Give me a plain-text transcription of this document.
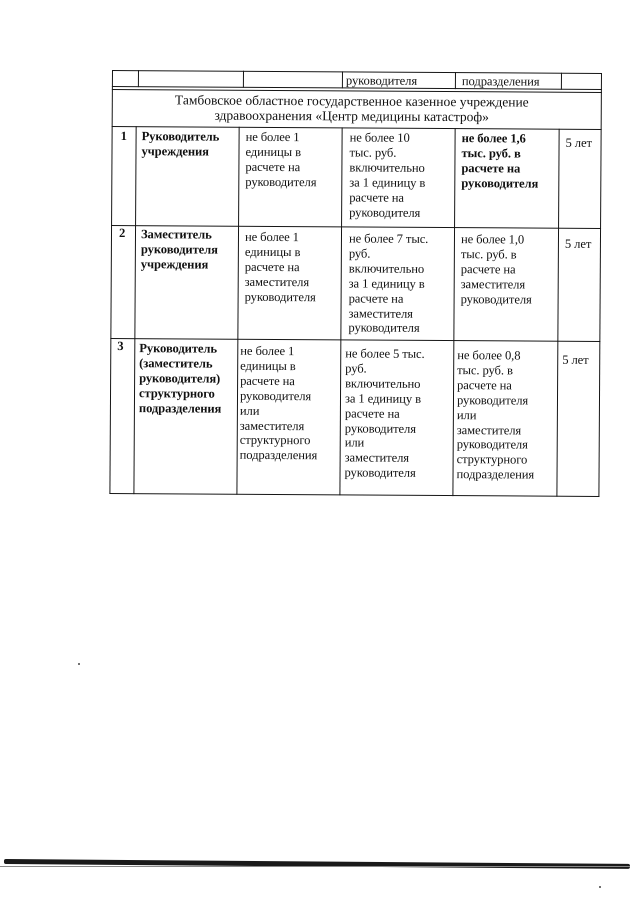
руководителя	подразделения
Тамбовское областное государственное казенное учреждение
здравоохранения «Центр медицины катастроф»
1 Руководитель
учреждения
не более 1
единицы в
расчете на
руководителя
не более 10
тыс. руб.
включительно
за 1 единицу в
расчете на
руководителя
не более 1,6
тыс. руб. в
расчете на
руководителя
5 лет
2 Заместитель
руководителя
учреждения
не более 1
единицы в
расчете на
заместителя
руководителя
не более 7 тыс.
руб.
включительно
за 1 единицу в
расчете на
заместителя
руководителя
не более 1,0
тыс. руб. в
расчете на
заместителя
руководителя
5 лет
3 Руководитель
(заместитель
руководителя)
структурного
подразделения
не более 1
единицы в
расчете на
руководителя
или
заместителя
структурного
подразделения
не более 5 тыс.
руб.
включительно
за 1 единицу в
расчете на
руководителя
или
заместителя
руководителя
не более 0,8
тыс. руб. в
расчете на
руководителя
или
заместителя
руководителя
структурного
подразделения
5 лет
